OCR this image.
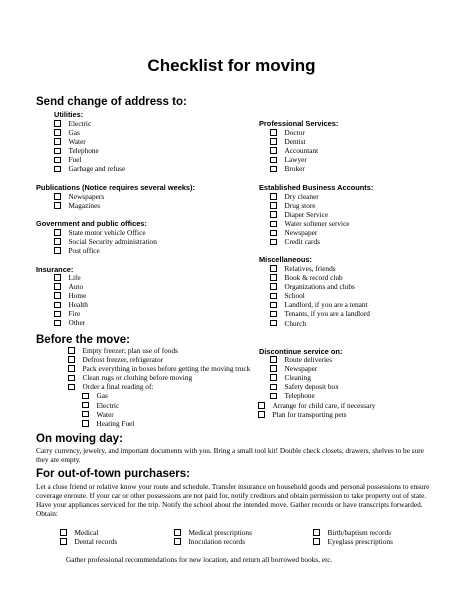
Checklist for moving
Send change of address to:
Utilities:
Electric
Gas
Water
Telephone
Fuel
Garbage and refuse
Publications (Notice requires several weeks):
Newspapers
Magazines
Government and public offices:
State motor vehicle Office
Social Security administration
Post office
Insurance:
Life
Auto
Home
Health
Fire
Other
Professional Services:
Doctor
Dentist
Accountant
Lawyer
Broker
Established Business Accounts:
Dry cleaner
Drug store
Diaper Service
Water softener service
Newspaper
Credit cards
Miscellaneous:
Relatives, friends
Book & record club
Organizations and clubs
School
Landlord, if you are a tenant
Tenants, if you are a landlord
Church
Before the move:
Empty freezer; plan use of foods
Defrost freezer, refrigerator
Pack everything in boxes before getting the moving truck
Clean rugs or clothing before moving
Order a final reading of:
Gas
Electric
Water
Heating Fuel
Discontinue service on:
Route deliveries
Newspaper
Cleaning
Safety deposit box
Telephone
Arrange for child care, if necessary
Plan for transporting pets
On moving day:
Carry currency, jewelry, and important documents with you. Bring a small tool kit! Double check closets, drawers, shelves to be sure they are empty.
For out-of-town purchasers:
Let a close friend or relative know your route and schedule. Transfer insurance on household goods and personal possessions to ensure coverage enroute. If your car or other possessions are not paid for, notify creditors and obtain permission to take property out of state. Have your appliances serviced for the trip. Notify the school about the intended move. Gather records or have transcripts forwarded. Obtain:
Medical
Dental records
Medical prescriptions
Inoculation records
Birth/baptism records
Eyeglass prescriptions
Gather professional recommendations for new location, and return all borrowed books, etc.
